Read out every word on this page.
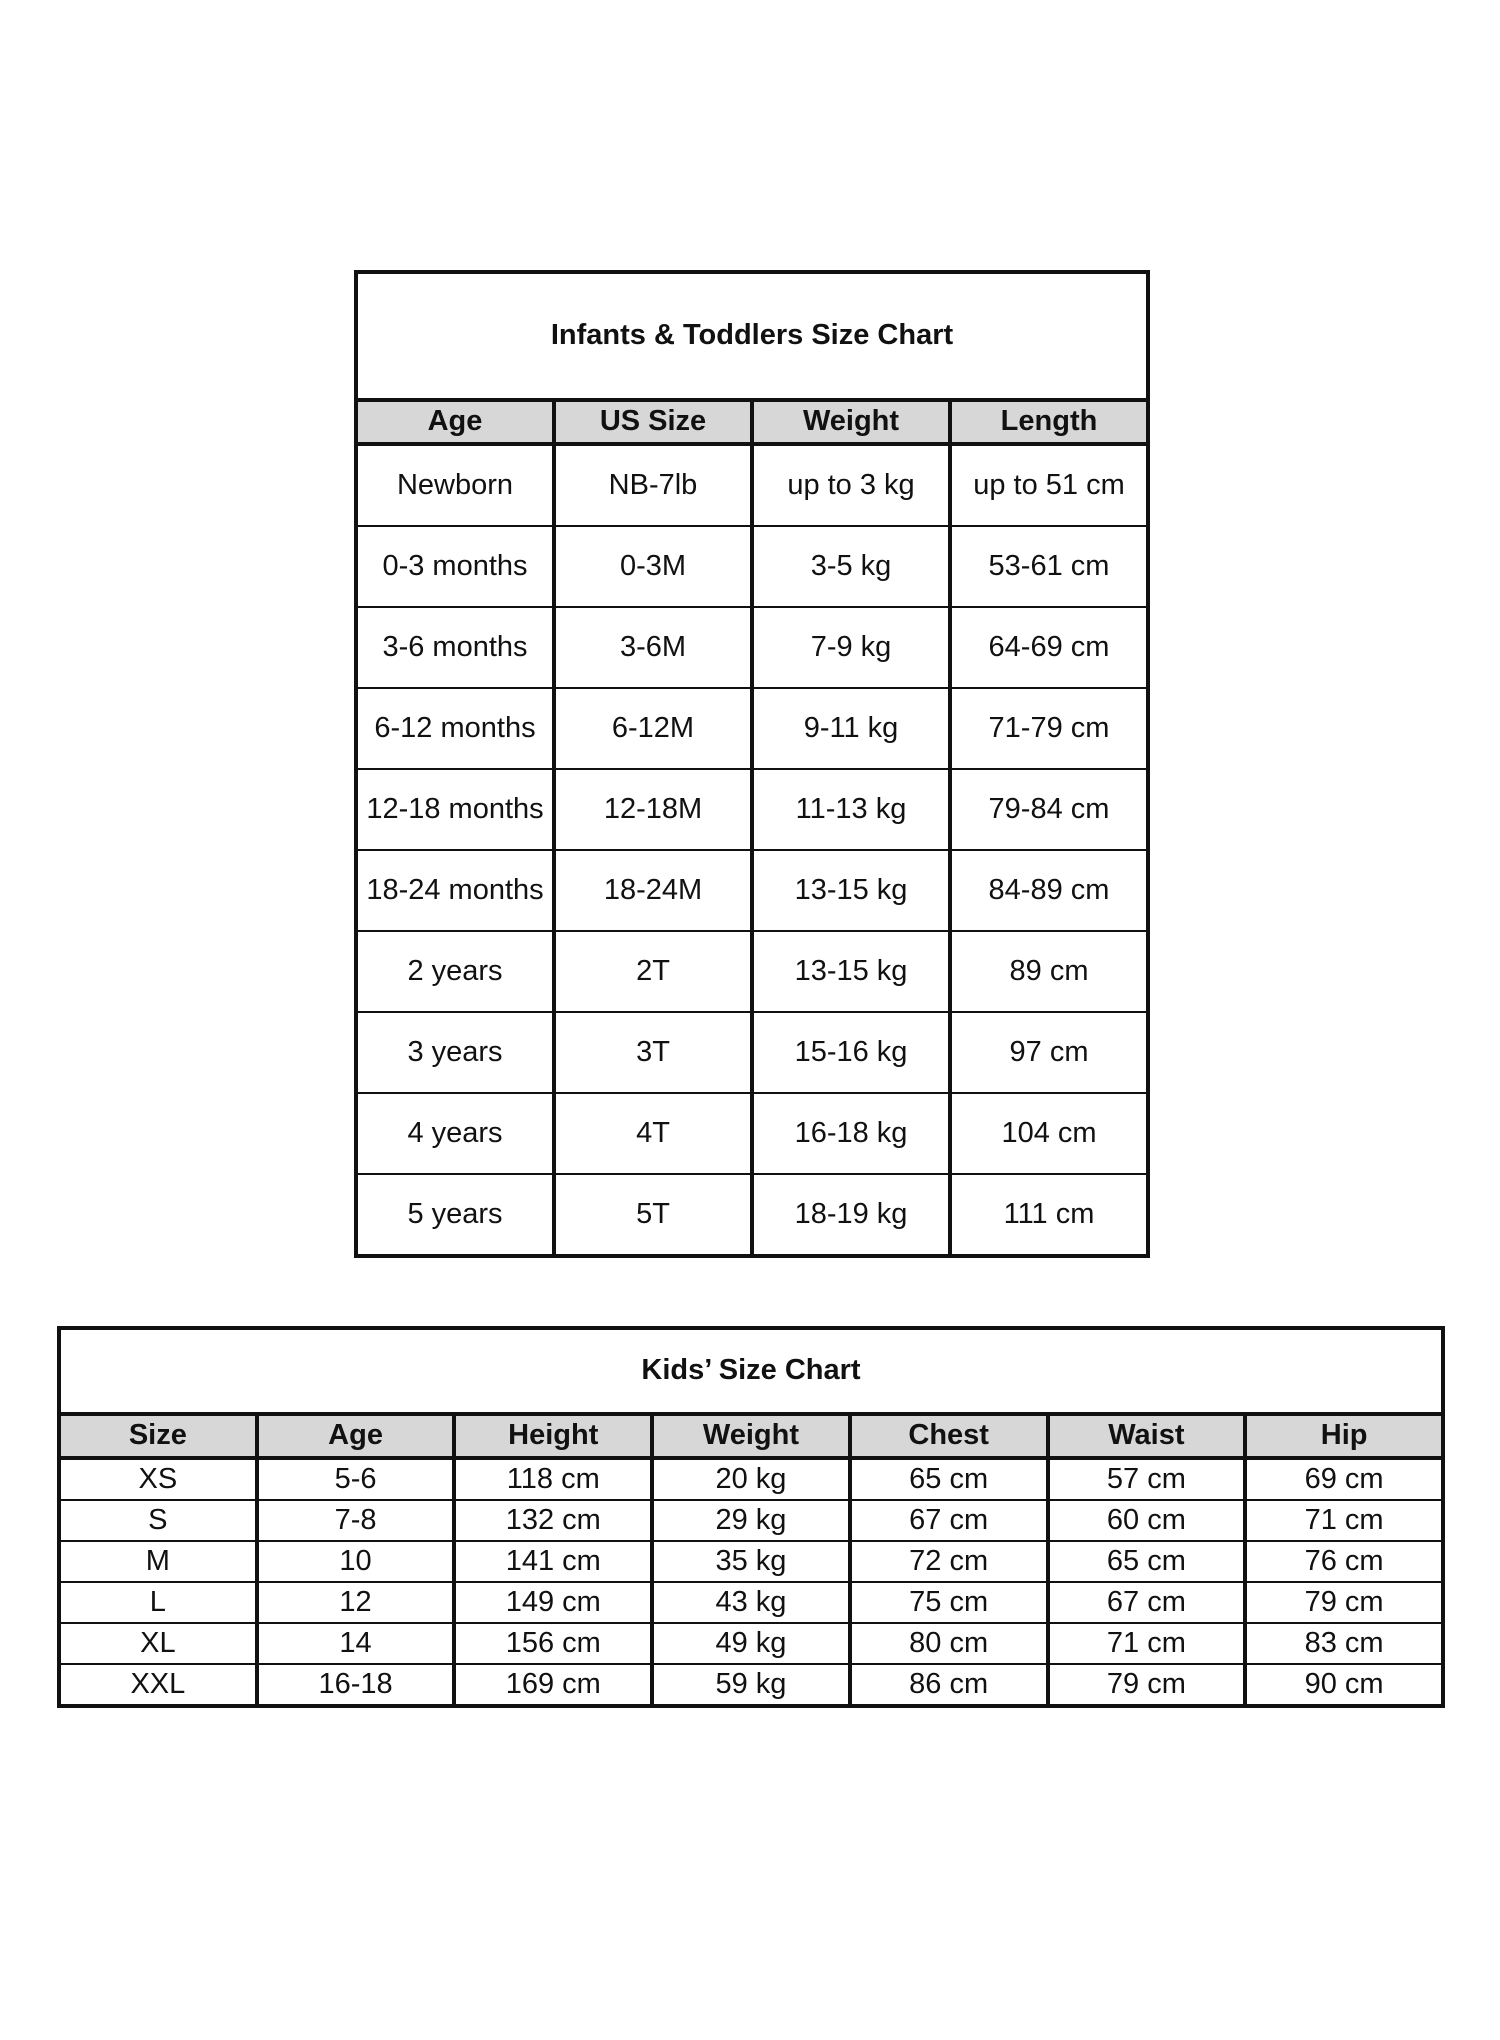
Infants & Toddlers Size Chart			
Age	US Size	Weight	Length
Newborn	NB-7lb	up to 3 kg	up to 51 cm
0-3 months	0-3M	3-5 kg	53-61 cm
3-6 months	3-6M	7-9 kg	64-69 cm
6-12 months	6-12M	9-11 kg	71-79 cm
12-18 months	12-18M	11-13 kg	79-84 cm
18-24 months	18-24M	13-15 kg	84-89 cm
2 years	2T	13-15 kg	89 cm
3 years	3T	15-16 kg	97 cm
4 years	4T	16-18 kg	104 cm
5 years	5T	18-19 kg	111 cm
Kids’ Size Chart						
Size	Age	Height	Weight	Chest	Waist	Hip
XS	5-6	118 cm	20 kg	65 cm	57 cm	69 cm
S	7-8	132 cm	29 kg	67 cm	60 cm	71 cm
M	10	141 cm	35 kg	72 cm	65 cm	76 cm
L	12	149 cm	43 kg	75 cm	67 cm	79 cm
XL	14	156 cm	49 kg	80 cm	71 cm	83 cm
XXL	16-18	169 cm	59 kg	86 cm	79 cm	90 cm
